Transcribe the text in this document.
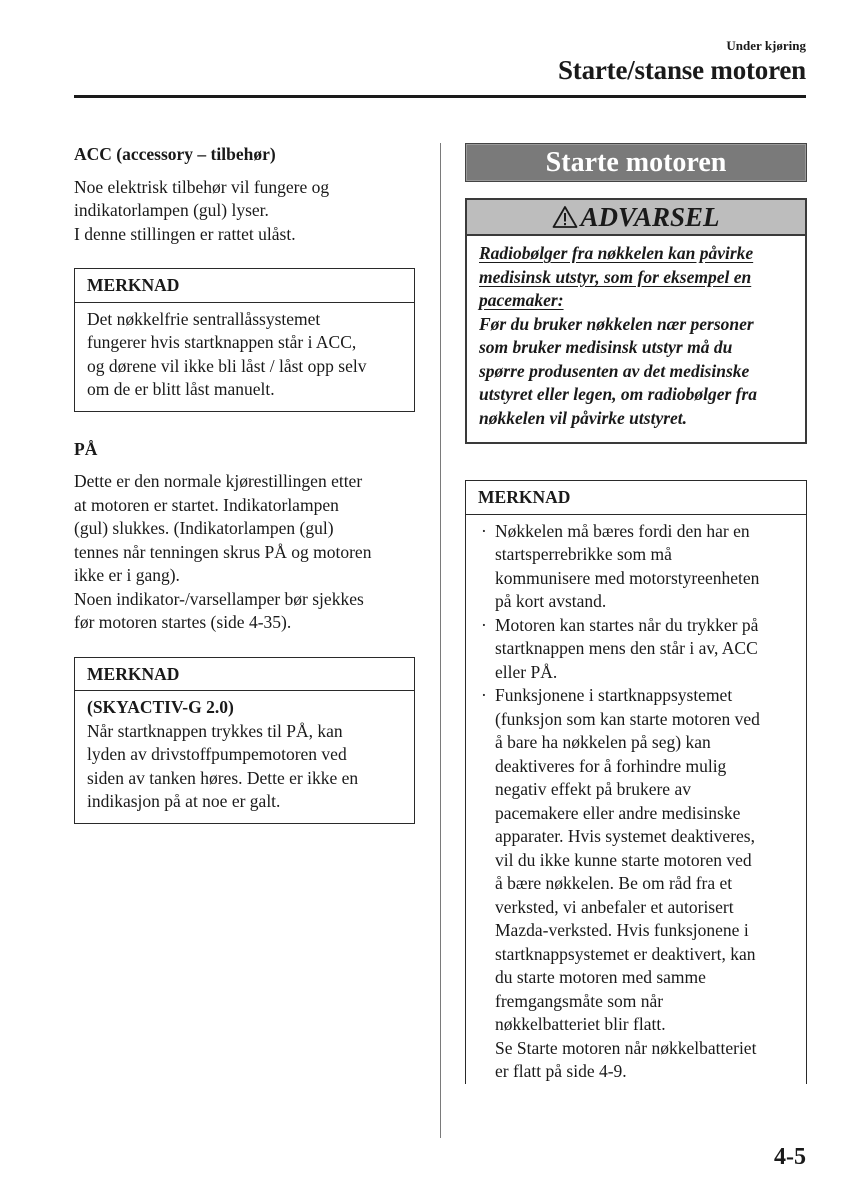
Under kjøring
Starte/stanse motoren
ACC (accessory – tilbehør)

Noe elektrisk tilbehør vil fungere og
indikatorlampen (gul) lyser.
I denne stillingen er rattet ulåst.

MERKNAD

Det nøkkelfrie sentrallåssystemet
fungerer hvis startknappen står i ACC,
og dørene vil ikke bli låst / låst opp selv
om de er blitt låst manuelt.

PÅ

Dette er den normale kjørestillingen etter
at motoren er startet. Indikatorlampen
(gul) slukkes. (Indikatorlampen (gul)
tennes når tenningen skrus PÅ og motoren
ikke er i gang).
Noen indikator-/varsellamper bør sjekkes
før motoren startes (side 4-35).

MERKNAD

(SKYACTIV-G 2.0)

Når startknappen trykkes til PÅ, kan
lyden av drivstoffpumpemotoren ved
siden av tanken høres. Dette er ikke en
indikasjon på at noe er galt.

Starte motoren
ADVARSEL

Radiobølger fra nøkkelen kan påvirke
medisinsk utstyr, som for eksempel en
pacemaker:

Før du bruker nøkkelen nær personer
som bruker medisinsk utstyr må du
spørre produsenten av det medisinske
utstyret eller legen, om radiobølger fra
nøkkelen vil påvirke utstyret.

MERKNAD
· Nøkkelen må bæres fordi den har en
startsperrebrikke som må
kommunisere med motorstyreenheten
på kort avstand.
· Motoren kan startes når du trykker på
startknappen mens den står i av, ACC
eller PÅ.
· Funksjonene i startknappsystemet
(funksjon som kan starte motoren ved
å bare ha nøkkelen på seg) kan
deaktiveres for å forhindre mulig
negativ effekt på brukere av
pacemakere eller andre medisinske
apparater. Hvis systemet deaktiveres,
vil du ikke kunne starte motoren ved
å bære nøkkelen. Be om råd fra et
verksted, vi anbefaler et autorisert
Mazda-verksted. Hvis funksjonene i
startknappsystemet er deaktivert, kan
du starte motoren med samme
fremgangsmåte som når
nøkkelbatteriet blir flatt.
Se Starte motoren når nøkkelbatteriet
er flatt på side 4-9.
4-5
